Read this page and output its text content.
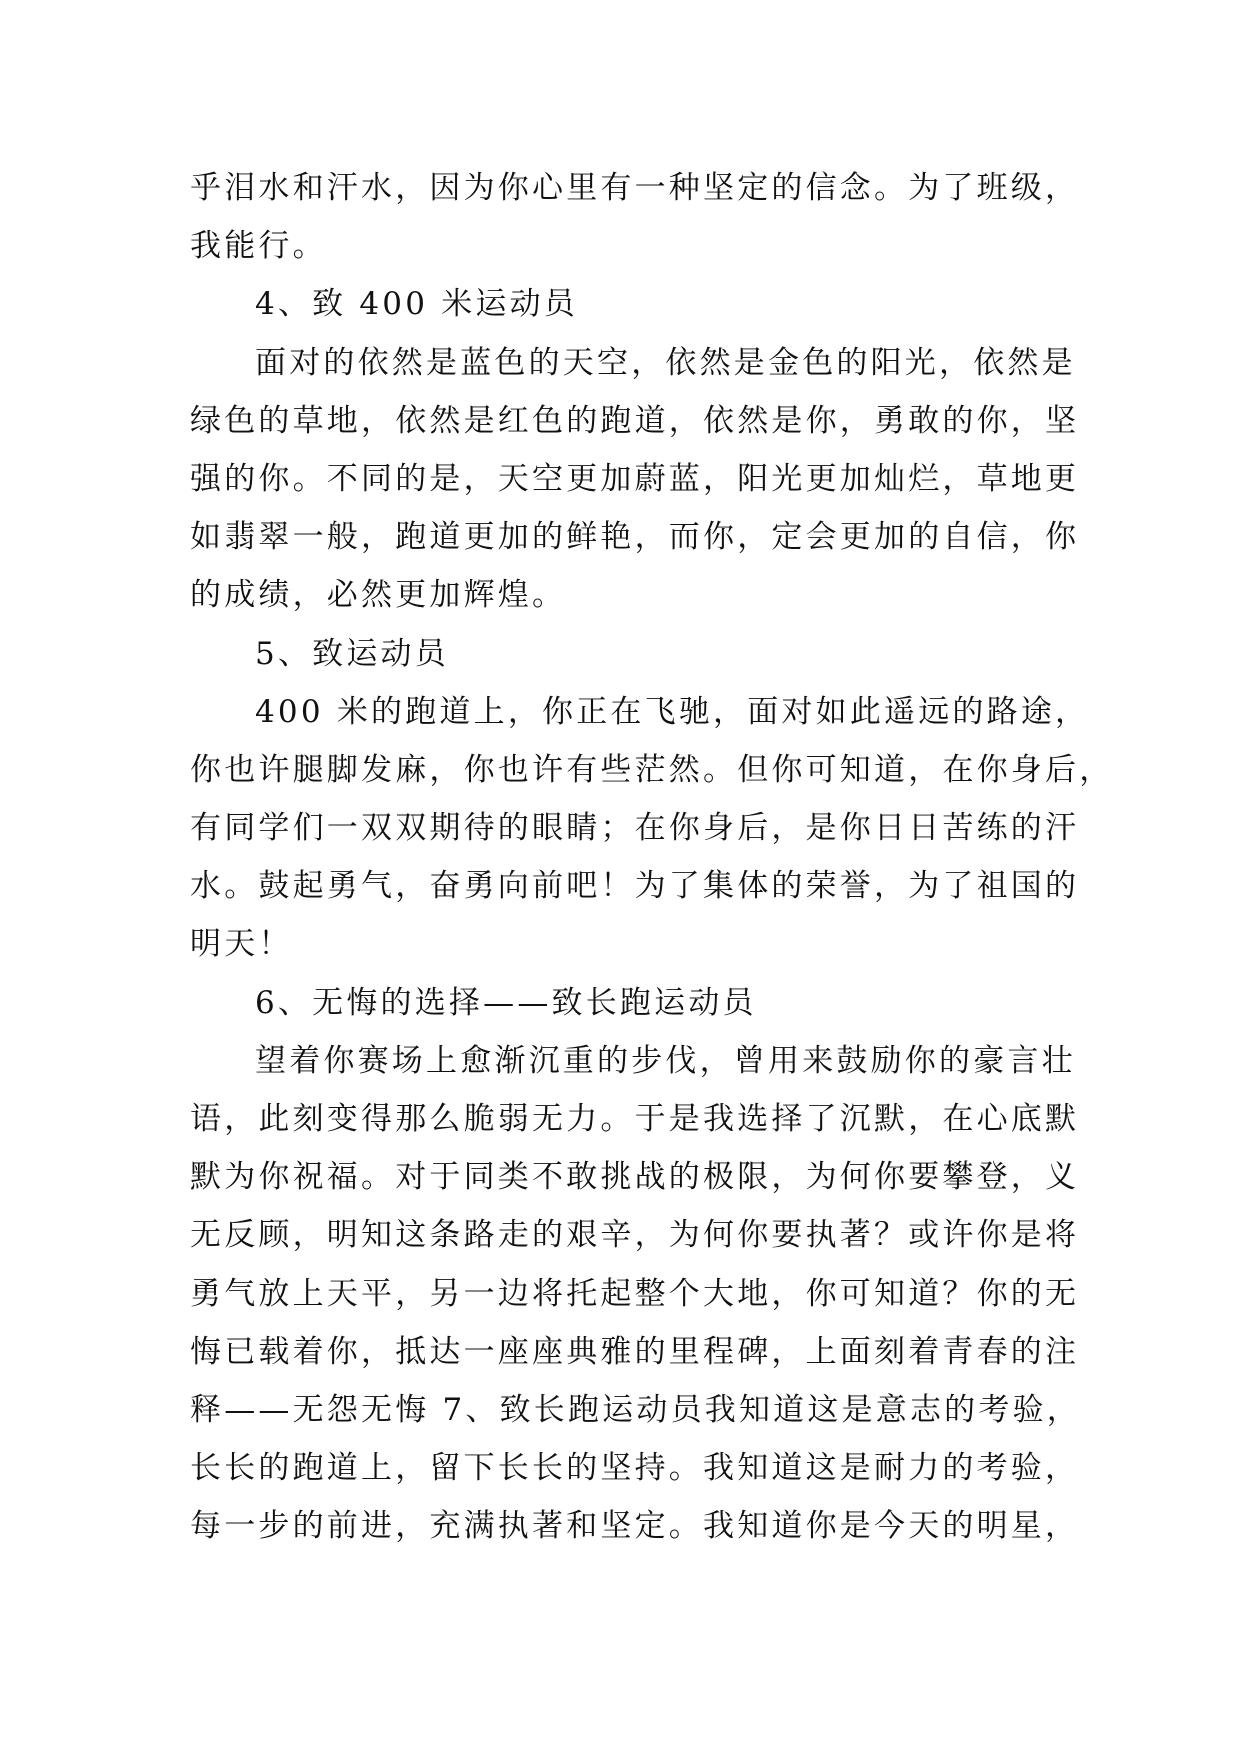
乎泪水和汗水，因为你心里有一种坚定的信念。为了班级，
我能行。
4、致 400 米运动员
面对的依然是蓝色的天空，依然是金色的阳光，依然是
绿色的草地，依然是红色的跑道，依然是你，勇敢的你，坚
强的你。不同的是，天空更加蔚蓝，阳光更加灿烂，草地更
如翡翠一般，跑道更加的鲜艳，而你，定会更加的自信，你
的成绩，必然更加辉煌。
5、致运动员
400 米的跑道上，你正在飞驰，面对如此遥远的路途，
你也许腿脚发麻，你也许有些茫然。但你可知道，在你身后，
有同学们一双双期待的眼睛；在你身后，是你日日苦练的汗
水。鼓起勇气，奋勇向前吧！为了集体的荣誉，为了祖国的
明天！
6、无悔的选择——致长跑运动员
望着你赛场上愈渐沉重的步伐，曾用来鼓励你的豪言壮
语，此刻变得那么脆弱无力。于是我选择了沉默，在心底默
默为你祝福。对于同类不敢挑战的极限，为何你要攀登，义
无反顾，明知这条路走的艰辛，为何你要执著？或许你是将
勇气放上天平，另一边将托起整个大地，你可知道？你的无
悔已载着你，抵达一座座典雅的里程碑，上面刻着青春的注
释——无怨无悔 7、致长跑运动员我知道这是意志的考验，
长长的跑道上，留下长长的坚持。我知道这是耐力的考验，
每一步的前进，充满执著和坚定。我知道你是今天的明星，
